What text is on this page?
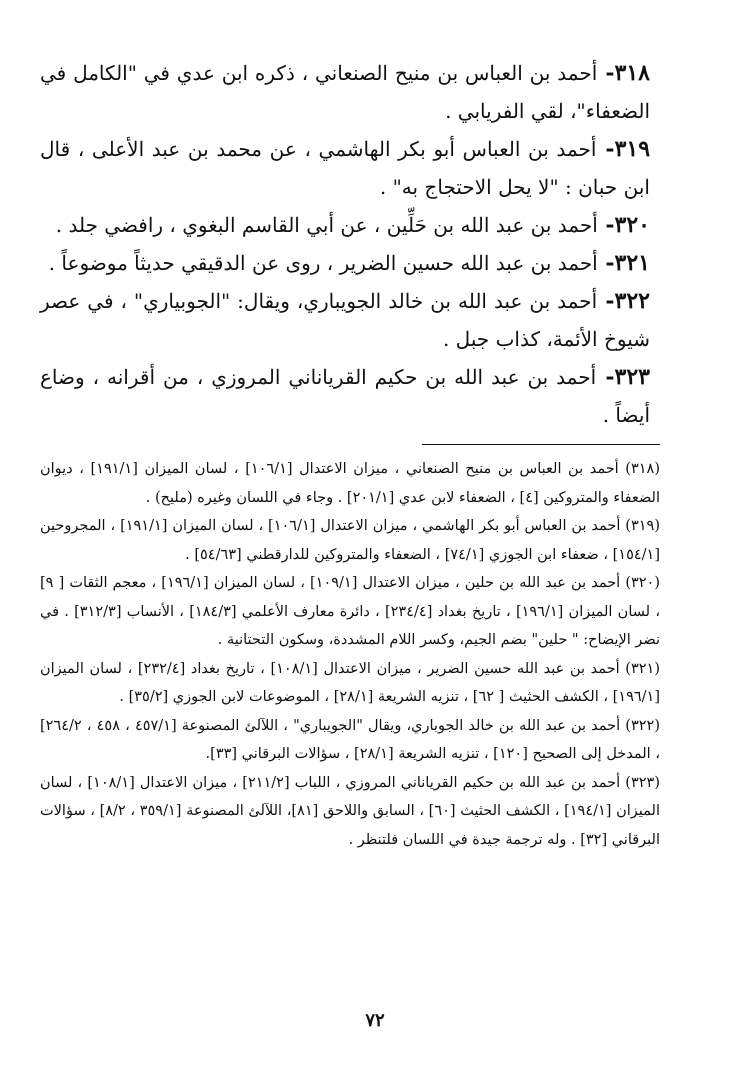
٣١٨- أحمد بن العباس بن منيح الصنعاني ، ذكره ابن عدي في "الكامل في الضعفاء"، لقي الفريابي .

٣١٩- أحمد بن العباس أبو بكر الهاشمي ، عن محمد بن عبد الأعلى ، قال ابن حبان : "لا يحل الاحتجاج به" .

٣٢٠- أحمد بن عبد الله بن حَلِّين ، عن أبي القاسم البغوي ، رافضي جلد .

٣٢١- أحمد بن عبد الله حسين الضرير ، روى عن الدقيقي حديثاً موضوعاً .

٣٢٢- أحمد بن عبد الله بن خالد الجويباري، ويقال: "الجوبياري" ، في عصر شيوخ الأئمة، كذاب جبل .

٣٢٣- أحمد بن عبد الله بن حكيم القرياناني المروزي ، من أقرانه ، وضاع أيضاً .

(٣١٨) أحمد بن العباس بن منيح الصنعاني ، ميزان الاعتدال [١٠٦/١] ، لسان الميزان [١٩١/١] ، ديوان الضعفاء والمتروكين [٤] ، الضعفاء لابن عدي [٢٠١/١] . وجاء في اللسان وغيره (مليح) .

(٣١٩) أحمد بن العباس أبو بكر الهاشمي ، ميزان الاعتدال [١٠٦/١] ، لسان الميزان [١٩١/١] ، المجروحين [١٥٤/١] ، ضعفاء ابن الجوزي [٧٤/١] ، الضعفاء والمتروكين للدارقطني [٥٤/٦٣] .

(٣٢٠) أحمد بن عبد الله بن حلين ، ميزان الاعتدال [١٠٩/١] ، لسان الميزان [١٩٦/١] ، معجم الثقات [ ٩] ، لسان الميزان [١٩٦/١] ، تاريخ بغداد [٢٣٤/٤] ، دائرة معارف الأعلمي [١٨٤/٣] ، الأنساب [٣١٢/٣] . في نضر الإيضاح: " حلين" بضم الجيم، وكسر اللام المشددة، وسكون التحتانية .

(٣٢١) أحمد بن عبد الله حسين الضرير ، ميزان الاعتدال [١٠٨/١] ، تاريخ بغداد [٢٣٢/٤] ، لسان الميزان [١٩٦/١] ، الكشف الحثيث [ ٦٢] ، تنزيه الشريعة [٢٨/١] ، الموضوعات لابن الجوزي [٣٥/٢] .

(٣٢٢) أحمد بن عبد الله بن خالد الجوباري، ويقال "الجويباري" ، اللآلئ المصنوعة [٤٥٧/١ ، ٤٥٨ ، ٢٦٤/٢] ، المدخل إلى الصحيح [١٢٠] ، تنزيه الشريعة [٢٨/١] ، سؤالات البرقاني [٣٣].

(٣٢٣) أحمد بن عبد الله بن حكيم القرياناني المروزي ، اللباب [٢١١/٢] ، ميزان الاعتدال [١٠٨/١] ، لسان الميزان [١٩٤/١] ، الكشف الحثيث [٦٠] ، السابق واللاحق [٨١]، اللآلئ المصنوعة [٣٥٩/١ ، ٨/٢] ، سؤالات البرقاني [٣٢] . وله ترجمة جيدة في اللسان فلتنظر .

٧٢
